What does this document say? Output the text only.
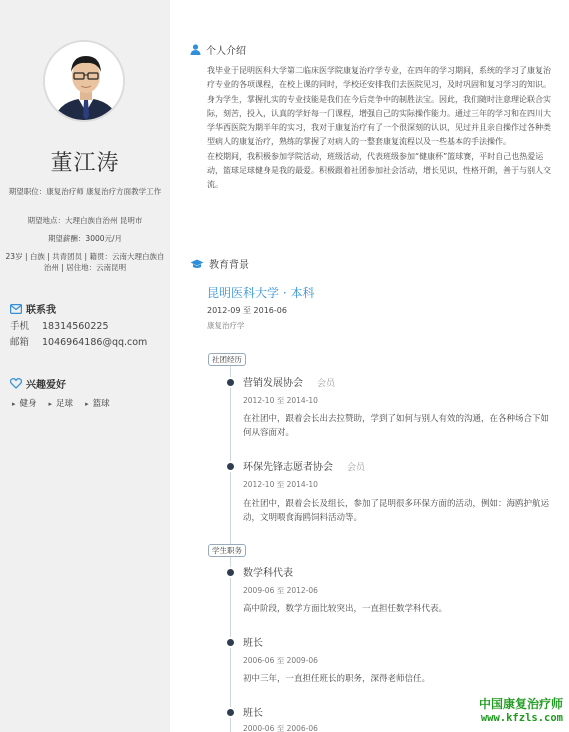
董江涛
期望职位：康复治疗师 康复治疗方面教学工作
期望地点：大理白族自治州 昆明市
期望薪酬：3000元/月
23岁 | 白族 | 共青团员 | 籍贯：云南大理白族自治州 | 居住地：云南昆明
联系我
手机 18314560225
邮箱 1046964186@qq.com
兴趣爱好
▸ 健身	▸ 足球	▸ 篮球
个人介绍

我毕业于昆明医科大学第二临床医学院康复治疗学专业，在四年的学习期间，系统的学习了康复治疗专业的各项课程，在校上课的同时，学校还安排我们去医院见习，及时巩固和复习学习的知识。身为学生，掌握扎实的专业技能是我们在今后竞争中的制胜法宝。因此，我们随时注意理论联合实际，刻苦，投入，认真的学好每一门课程，增强自己的实际操作能力。通过三年的学习和在四川大学华西医院为期半年的实习，我对于康复治疗有了一个很深刻的认识，见过并且亲自操作过各种类型病人的康复治疗，熟练的掌握了对病人的一整套康复流程以及一些基本的手法操作。

在校期间，我积极参加学院活动，班级活动，代表班级参加“健康杯”篮球赛，平时自己也热爱运动，篮球足球健身是我的最爱。积极跟着社团参加社会活动，增长见识，性格开朗，善于与别人交流。

教育背景
昆明医科大学 · 本科
2012-09 至 2016-06
康复治疗学
社团经历
营销发展协会 会员
2012-10 至 2014-10
在社团中，跟着会长出去拉赞助，学到了如何与别人有效的沟通，在各种场合下如何从容面对。
环保先锋志愿者协会 会员
2012-10 至 2014-10
在社团中，跟着会长及组长，参加了昆明很多环保方面的活动，例如：海鸥护航运动，文明喂食海鸥饲料活动等。
学生职务
数学科代表
2009-06 至 2012-06
高中阶段，数学方面比较突出，一直担任数学科代表。
班长
2006-06 至 2009-06
初中三年，一直担任班长的职务，深得老师信任。
班长
2000-06 至 2006-06
中国康复治疗师
www.kfzls.com
